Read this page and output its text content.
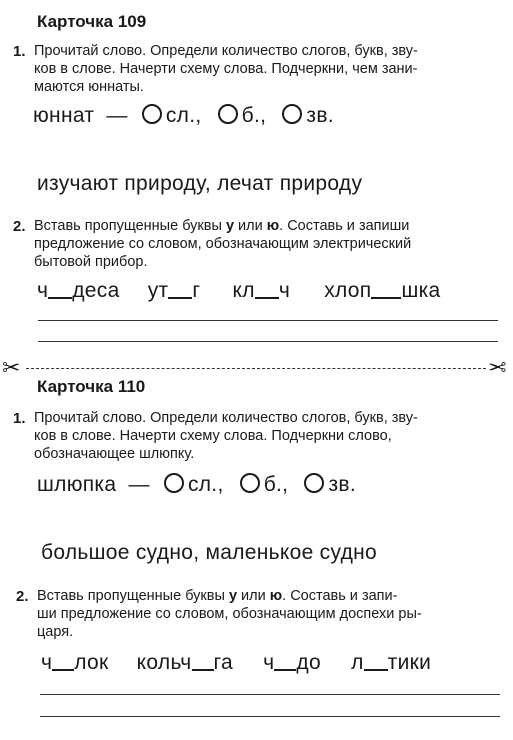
Карточка 109
1. Прочитай слово. Определи количество слогов, букв, зву-
ков в слове. Начерти схему слова. Подчеркни, чем зани-
маются юннаты.
юннат — сл., б., зв.
изучают природу, лечат природу
2. Вставь пропущенные буквы у или ю. Составь и запиши
предложение со словом, обозначающим электрический
бытовой прибор.
ч деса ут г кл ч хлоп шка
✂	✂
Карточка 110
1. Прочитай слово. Определи количество слогов, букв, зву-
ков в слове. Начерти схему слова. Подчеркни слово,
обозначающее шлюпку.
шлюпка — сл., б., зв.
большое судно, маленькое судно
2. Вставь пропущенные буквы у или ю. Составь и запи-
ши предложение со словом, обозначающим доспехи ры-
царя.
ч лок кольч га ч до л тики
